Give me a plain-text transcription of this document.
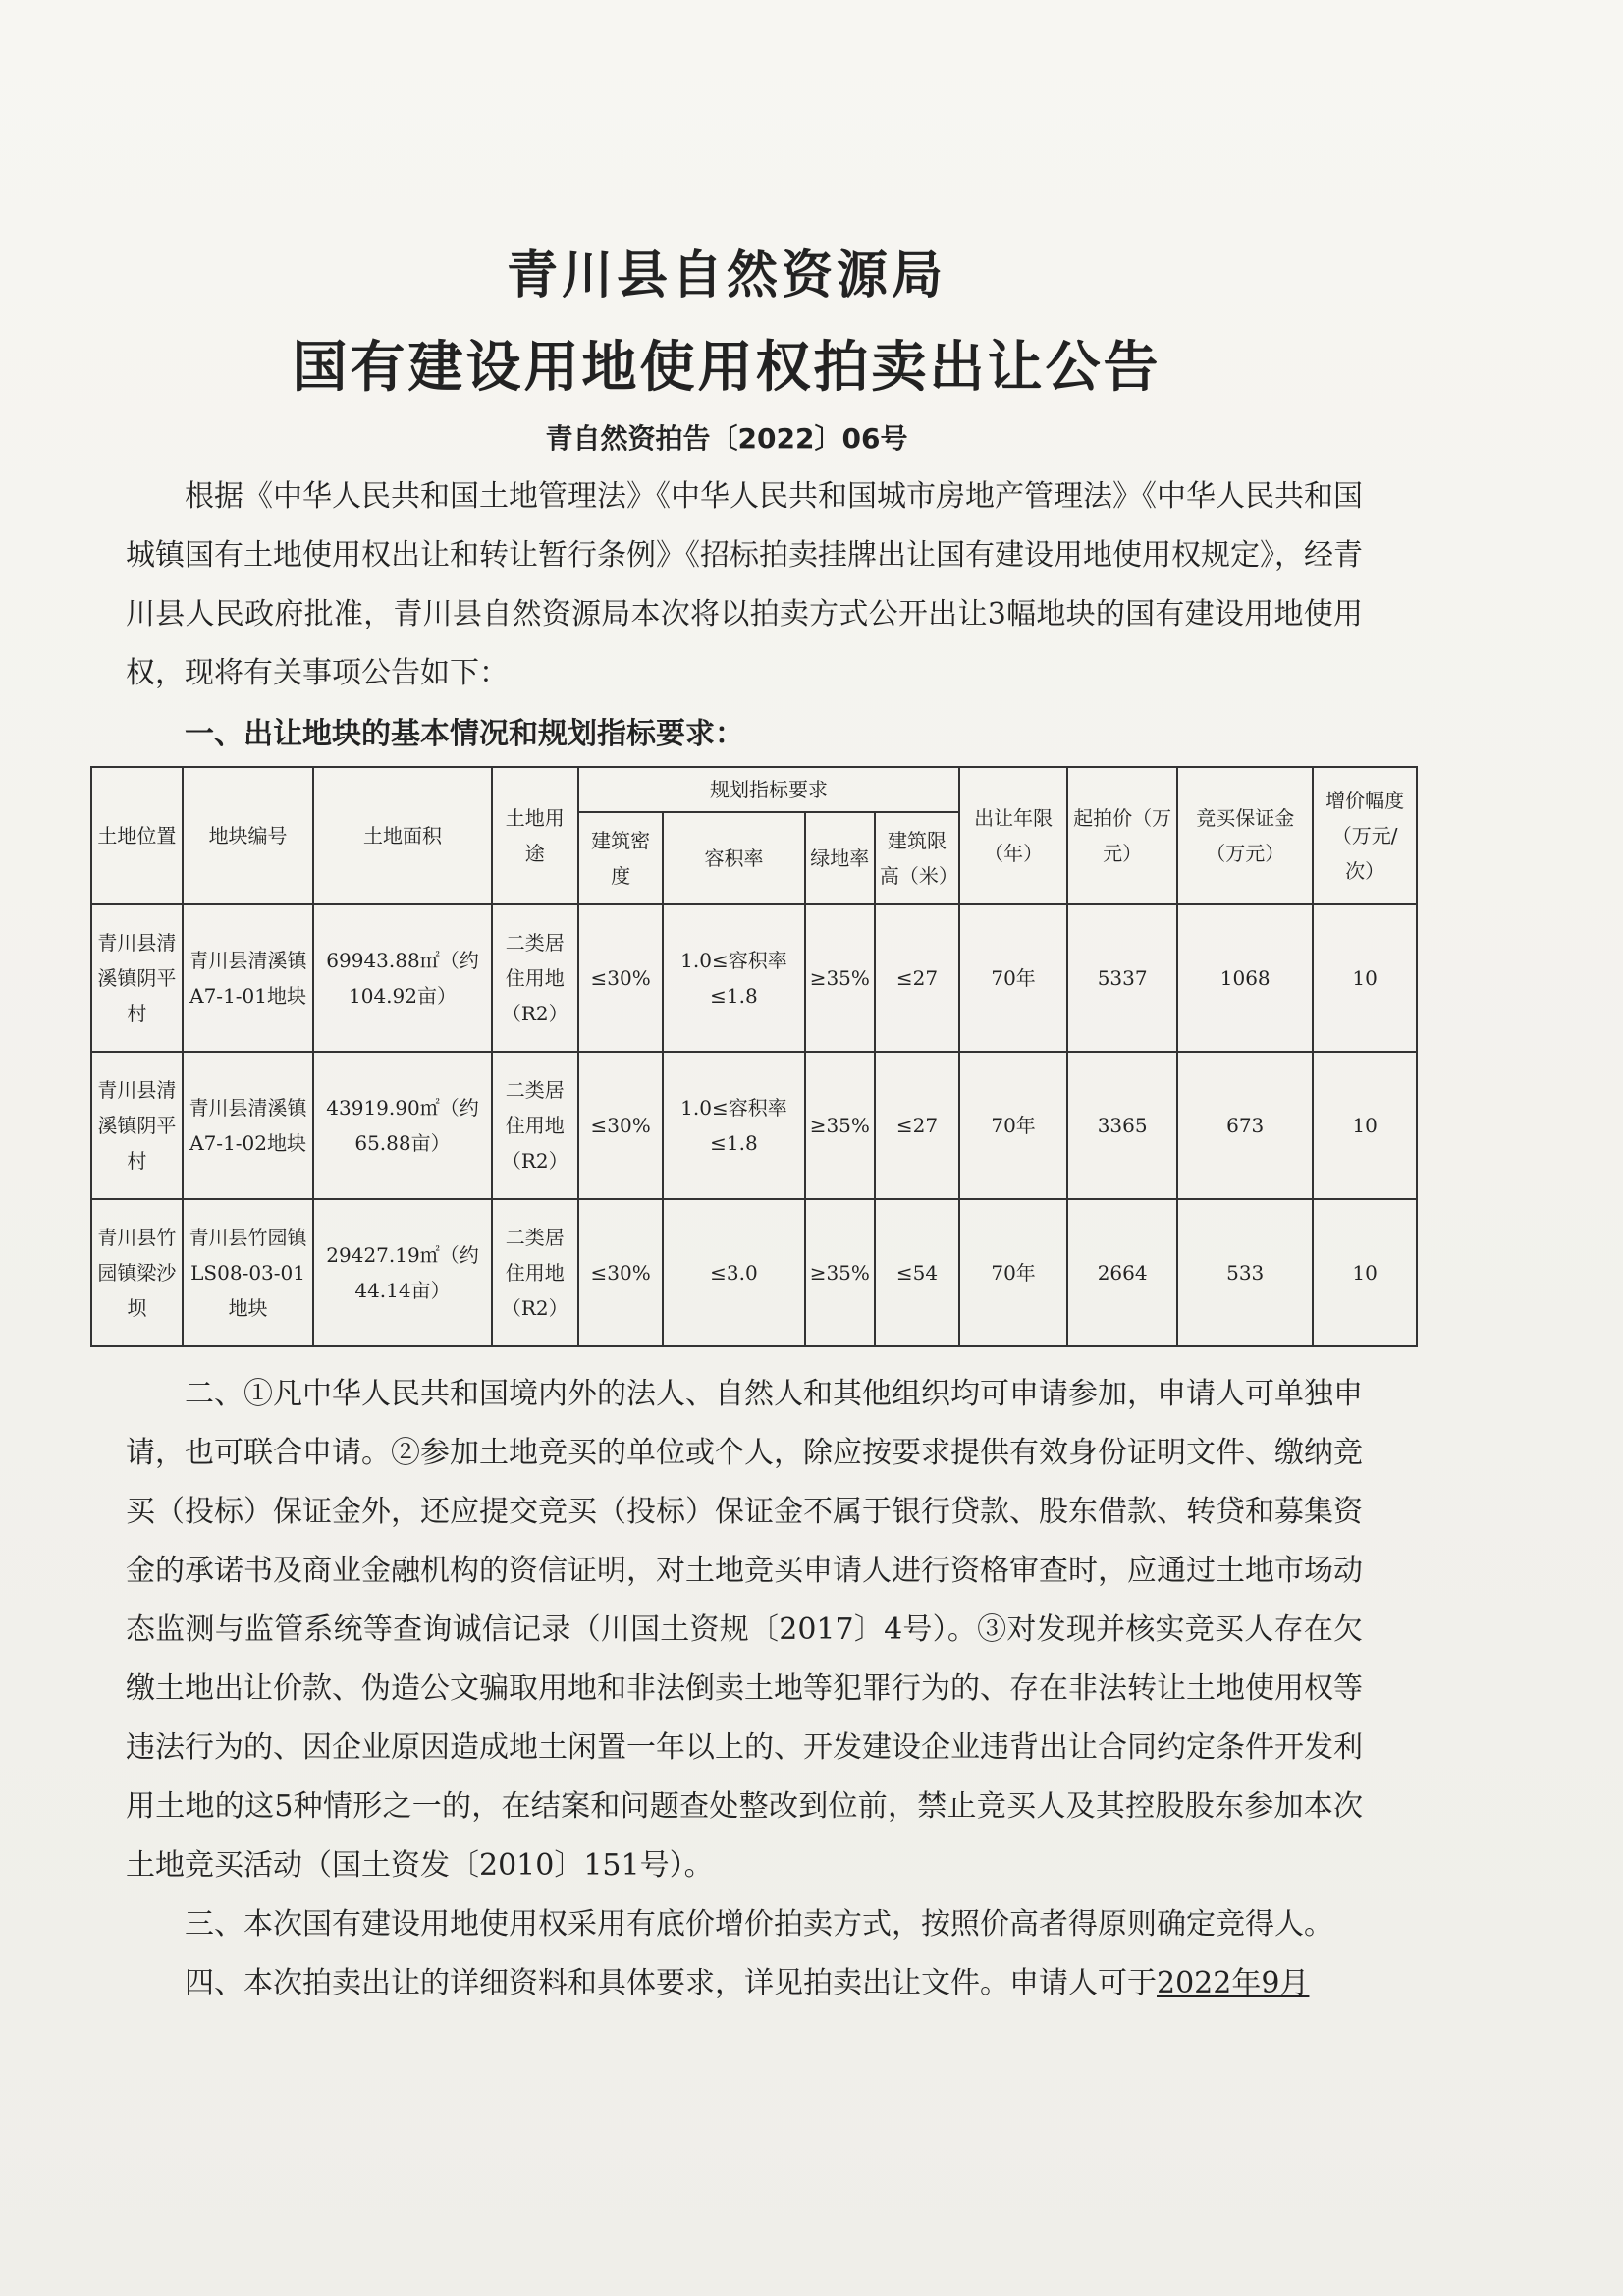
青川县自然资源局
国有建设用地使用权拍卖出让公告
青自然资拍告〔2022〕06号

根据《中华人民共和国土地管理法》《中华人民共和国城市房地产管理法》《中华人民共和国城镇国有土地使用权出让和转让暂行条例》《招标拍卖挂牌出让国有建设用地使用权规定》，经青川县人民政府批准，青川县自然资源局本次将以拍卖方式公开出让3幅地块的国有建设用地使用权，现将有关事项公告如下：

一、出让地块的基本情况和规划指标要求：
土地位置	地块编号	土地面积	土地用途	规划指标要求				出让年限（年）	起拍价（万元）	竞买保证金（万元）	增价幅度（万元/次）
				建筑密度	容积率	绿地率	建筑限高（米）				
青川县清溪镇阴平村	青川县清溪镇A7-1-01地块	69943.88㎡（约104.92亩）	二类居住用地（R2）	≤30%	1.0≤容积率≤1.8	≥35%	≤27	70年	5337	1068	10
青川县清溪镇阴平村	青川县清溪镇A7-1-02地块	43919.90㎡（约65.88亩）	二类居住用地（R2）	≤30%	1.0≤容积率≤1.8	≥35%	≤27	70年	3365	673	10
青川县竹园镇梁沙坝	青川县竹园镇LS08-03-01地块	29427.19㎡（约44.14亩）	二类居住用地（R2）	≤30%	≤3.0	≥35%	≤54	70年	2664	533	10

二、①凡中华人民共和国境内外的法人、自然人和其他组织均可申请参加，申请人可单独申请，也可联合申请。②参加土地竞买的单位或个人，除应按要求提供有效身份证明文件、缴纳竞买（投标）保证金外，还应提交竞买（投标）保证金不属于银行贷款、股东借款、转贷和募集资金的承诺书及商业金融机构的资信证明，对土地竞买申请人进行资格审查时，应通过土地市场动态监测与监管系统等查询诚信记录（川国土资规〔2017〕4号）。③对发现并核实竞买人存在欠缴土地出让价款、伪造公文骗取用地和非法倒卖土地等犯罪行为的、存在非法转让土地使用权等违法行为的、因企业原因造成地土闲置一年以上的、开发建设企业违背出让合同约定条件开发利用土地的这5种情形之一的，在结案和问题查处整改到位前，禁止竞买人及其控股股东参加本次土地竞买活动（国土资发〔2010〕151号）。

三、本次国有建设用地使用权采用有底价增价拍卖方式，按照价高者得原则确定竞得人。

四、本次拍卖出让的详细资料和具体要求，详见拍卖出让文件。申请人可于2022年9月
